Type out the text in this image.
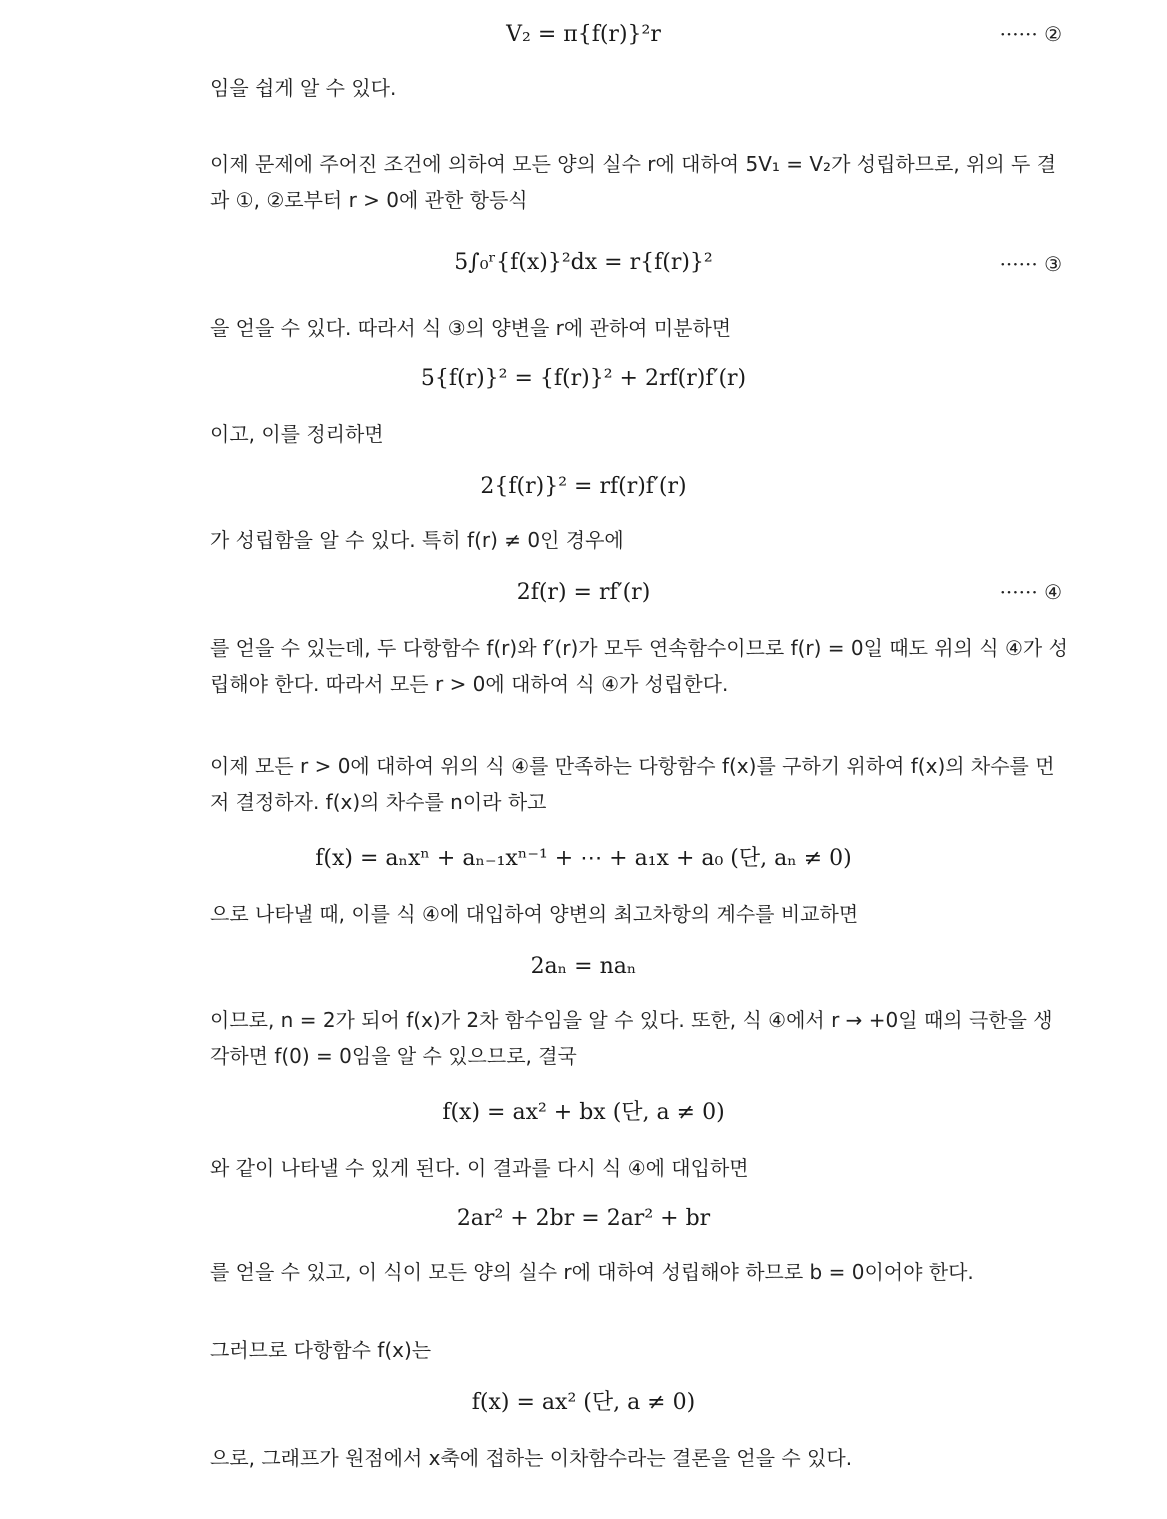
V₂ = π{f(r)}²r	······ ②

임을 쉽게 알 수 있다.

이제 문제에 주어진 조건에 의하여 모든 양의 실수 r에 대하여 5V₁ = V₂가 성립하므로, 위의 두 결과 ①, ②로부터 r > 0에 관한 항등식

5∫₀ʳ{f(x)}²dx = r{f(r)}²	······ ③

을 얻을 수 있다. 따라서 식 ③의 양변을 r에 관하여 미분하면

5{f(r)}² = {f(r)}² + 2rf(r)f′(r)

이고, 이를 정리하면

2{f(r)}² = rf(r)f′(r)

가 성립함을 알 수 있다. 특히 f(r) ≠ 0인 경우에

2f(r) = rf′(r)	······ ④

를 얻을 수 있는데, 두 다항함수 f(r)와 f′(r)가 모두 연속함수이므로 f(r) = 0일 때도 위의 식 ④가 성립해야 한다. 따라서 모든 r > 0에 대하여 식 ④가 성립한다.

이제 모든 r > 0에 대하여 위의 식 ④를 만족하는 다항함수 f(x)를 구하기 위하여 f(x)의 차수를 먼저 결정하자. f(x)의 차수를 n이라 하고

f(x) = aₙxⁿ + aₙ₋₁xⁿ⁻¹ + ⋯ + a₁x + a₀ (단, aₙ ≠ 0)

으로 나타낼 때, 이를 식 ④에 대입하여 양변의 최고차항의 계수를 비교하면

2aₙ = naₙ

이므로, n = 2가 되어 f(x)가 2차 함수임을 알 수 있다. 또한, 식 ④에서 r → +0일 때의 극한을 생각하면 f(0) = 0임을 알 수 있으므로, 결국

f(x) = ax² + bx (단, a ≠ 0)

와 같이 나타낼 수 있게 된다. 이 결과를 다시 식 ④에 대입하면

2ar² + 2br = 2ar² + br

를 얻을 수 있고, 이 식이 모든 양의 실수 r에 대하여 성립해야 하므로 b = 0이어야 한다.

그러므로 다항함수 f(x)는

f(x) = ax² (단, a ≠ 0)

으로, 그래프가 원점에서 x축에 접하는 이차함수라는 결론을 얻을 수 있다.
